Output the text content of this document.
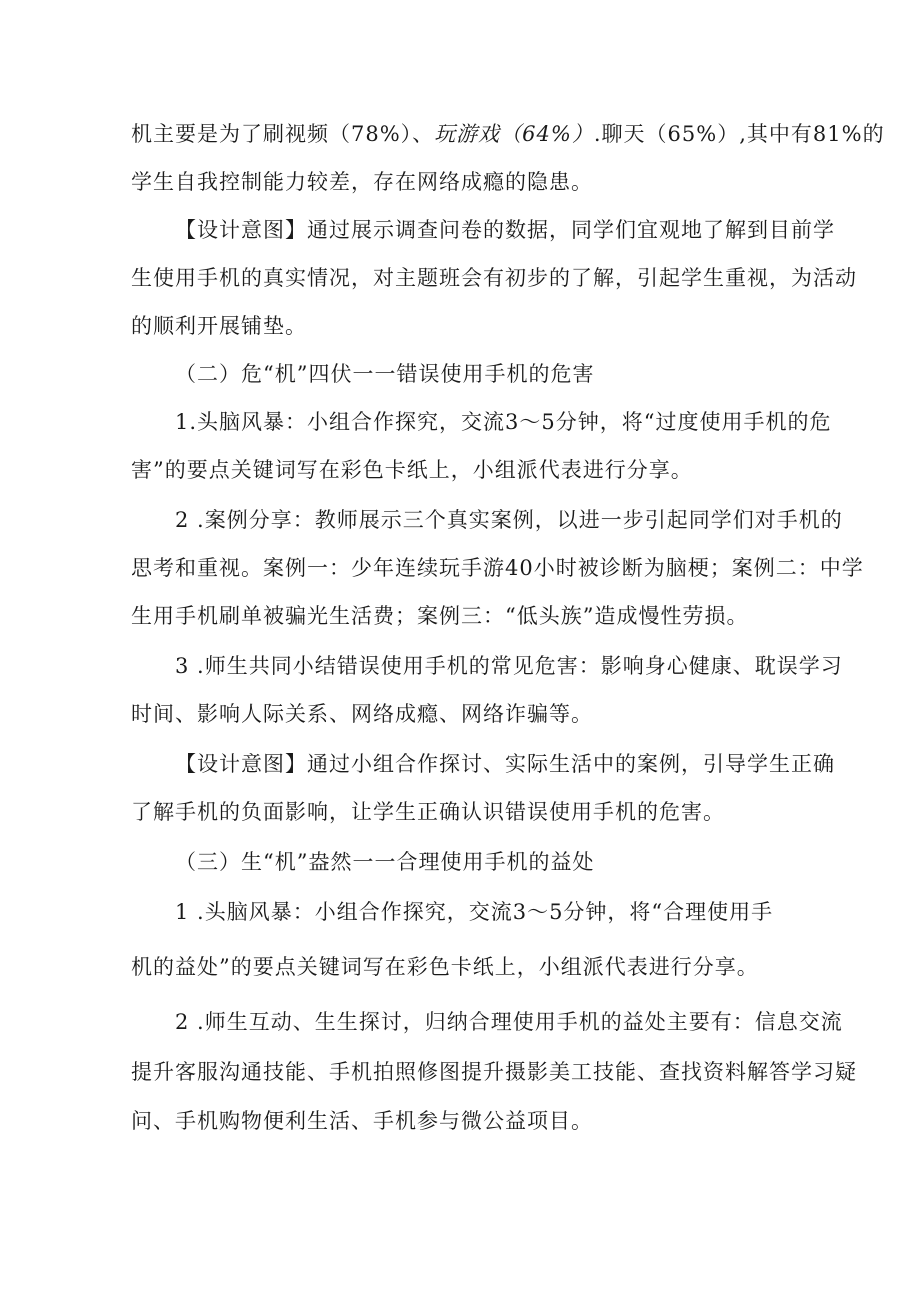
机主要是为了刷视频（78%）、玩游戏（64%）.聊天（65%）,其中有81%的
学生自我控制能力较差，存在网络成瘾的隐患。
【设计意图】通过展示调查问卷的数据，同学们宜观地了解到目前学
生使用手机的真实情况，对主题班会有初步的了解，引起学生重视，为活动
的顺利开展铺垫。
（二）危“机”四伏一一错误使用手机的危害
1.头脑风暴：小组合作探究，交流3～5分钟，将“过度使用手机的危
害”的要点关键词写在彩色卡纸上，小组派代表进行分享。
2 .案例分享：教师展示三个真实案例，以进一步引起同学们对手机的
思考和重视。案例一：少年连续玩手游40小时被诊断为脑梗；案例二：中学
生用手机刷单被骗光生活费；案例三：“低头族”造成慢性劳损。
3 .师生共同小结错误使用手机的常见危害：影响身心健康、耽误学习
时间、影响人际关系、网络成瘾、网络诈骗等。
【设计意图】通过小组合作探讨、实际生活中的案例，引导学生正确
了解手机的负面影响，让学生正确认识错误使用手机的危害。
（三）生“机”盎然一一合理使用手机的益处
1 .头脑风暴：小组合作探究，交流3～5分钟，将“合理使用手
机的益处”的要点关键词写在彩色卡纸上，小组派代表进行分享。
2 .师生互动、生生探讨，归纳合理使用手机的益处主要有：信息交流
提升客服沟通技能、手机拍照修图提升摄影美工技能、查找资料解答学习疑
问、手机购物便利生活、手机参与微公益项目。
